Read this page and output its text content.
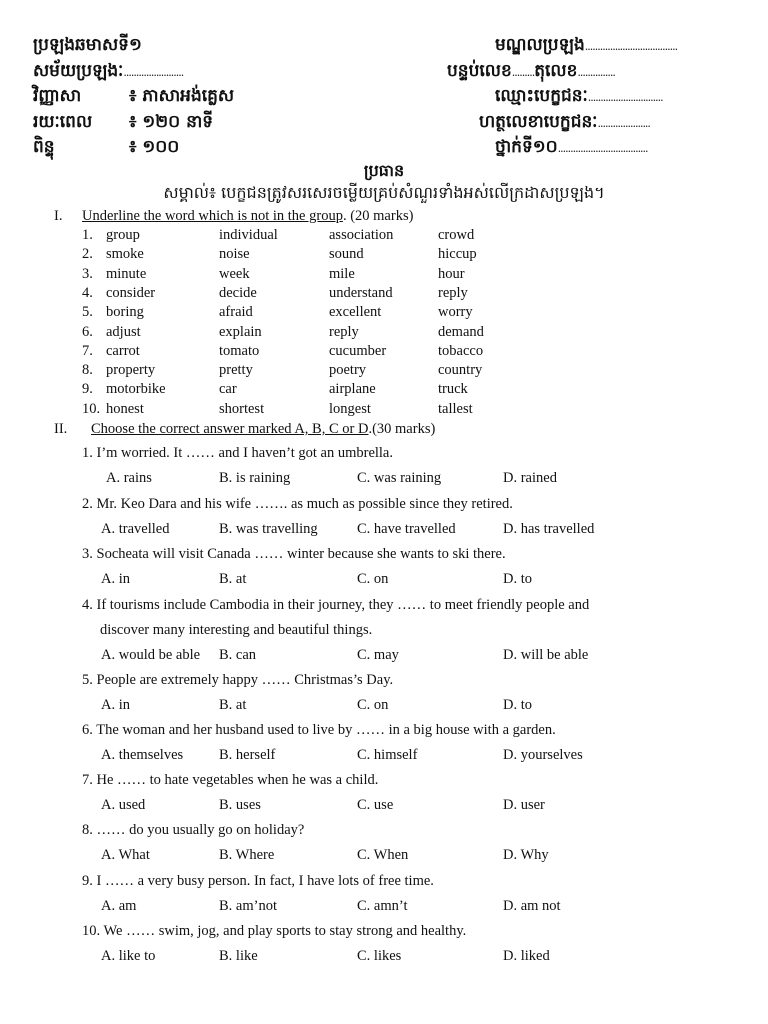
ប្រឡងឆមាសទី១	មណ្ឌលប្រឡង.....................................
សម័យប្រឡងៈ........................	បន្ទប់លេខ.........តុលេខ...............
វិញ្ញាសា	៖ ភាសាអង់គ្លេស	ឈ្មោះបេក្ខជនៈ..............................
រយៈពេល ៖ ១២០ នាទី	ហត្ថលេខាបេក្ខជនៈ.....................
ពិន្ទុ	៖ ១០០	ថ្នាក់ទី១០....................................
ប្រធាន
សម្គាល់៖ បេក្ខជនត្រូវសរសេរចម្លើយគ្រប់សំណួរទាំងអស់លើក្រដាសប្រឡង។
I. Underline the word which is not in the group. (20 marks)
1. group	individual	association	crowd
2. smoke	noise	sound	hiccup
3. minute	week	mile	hour
4. consider	decide	understand	reply
5. boring	afraid	excellent	worry
6. adjust	explain	reply	demand
7. carrot	tomato	cucumber	tobacco
8. property	pretty	poetry	country
9. motorbike	car	airplane	truck
10. honest	shortest	longest	tallest
II. Choose the correct answer marked A, B, C or D.(30 marks)
1. I’m worried. It …… and I haven’t got an umbrella.
A. rains	B. is raining	C. was raining	D. rained
2. Mr. Keo Dara and his wife ……. as much as possible since they retired.
A. travelled	B. was travelling	C. have travelled	D. has travelled
3. Socheata will visit Canada …… winter because she wants to ski there.
A. in	B. at	C. on	D. to
4. If tourisms include Cambodia in their journey, they …… to meet friendly people and
discover many interesting and beautiful things.
A. would be able B. can	C. may	D. will be able
5. People are extremely happy …… Christmas’s Day.
A. in	B. at	C. on	D. to
6. The woman and her husband used to live by …… in a big house with a garden.
A. themselves B. herself	C. himself	D. yourselves
7. He …… to hate vegetables when he was a child.
A. used	B. uses	C. use	D. user
8. …… do you usually go on holiday?
A. What	B. Where	C. When	D. Why
9. I …… a very busy person. In fact, I have lots of free time.
A. am	B. am’not	C. amn’t	D. am not
10. We …… swim, jog, and play sports to stay strong and healthy.
A. like to	B. like	C. likes	D. liked
